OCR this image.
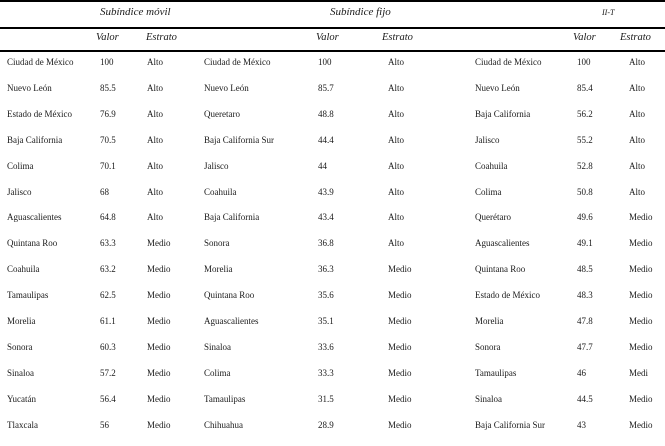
Subíndice móvil	Subíndice fijo	II-T
Valor	Estrato	Valor	Estrato	Valor Estrato
Ciudad de México	100	Alto	Ciudad de México	100	Alto	Ciudad de México	100	Alto
Nuevo León	85.5	Alto	Nuevo León	85.7	Alto	Nuevo León	85.4	Alto
Estado de México	76.9	Alto	Queretaro	48.8	Alto	Baja California	56.2	Alto
Baja California	70.5	Alto	Baja California Sur	44.4	Alto	Jalisco	55.2	Alto
Colima	70.1	Alto	Jalisco	44	Alto	Coahuila	52.8	Alto
Jalisco	68	Alto	Coahuila	43.9	Alto	Colima	50.8	Alto
Aguascalientes	64.8	Alto	Baja California	43.4	Alto	Querétaro	49.6	Medio
Quintana Roo	63.3	Medio	Sonora	36.8	Alto	Aguascalientes	49.1	Medio
Coahuila	63.2	Medio	Morelia	36.3	Medio	Quintana Roo	48.5	Medio
Tamaulipas	62.5	Medio	Quintana Roo	35.6	Medio	Estado de México	48.3	Medio
Morelia	61.1	Medio	Aguascalientes	35.1	Medio	Morelia	47.8	Medio
Sonora	60.3	Medio	Sinaloa	33.6	Medio	Sonora	47.7	Medio
Sinaloa	57.2	Medio	Colima	33.3	Medio	Tamaulipas	46	Medi
Yucatán	56.4	Medio	Tamaulipas	31.5	Medio	Sinaloa	44.5	Medio
Tlaxcala	56	Medio	Chihuahua	28.9	Medio	Baja California Sur	43	Medio
